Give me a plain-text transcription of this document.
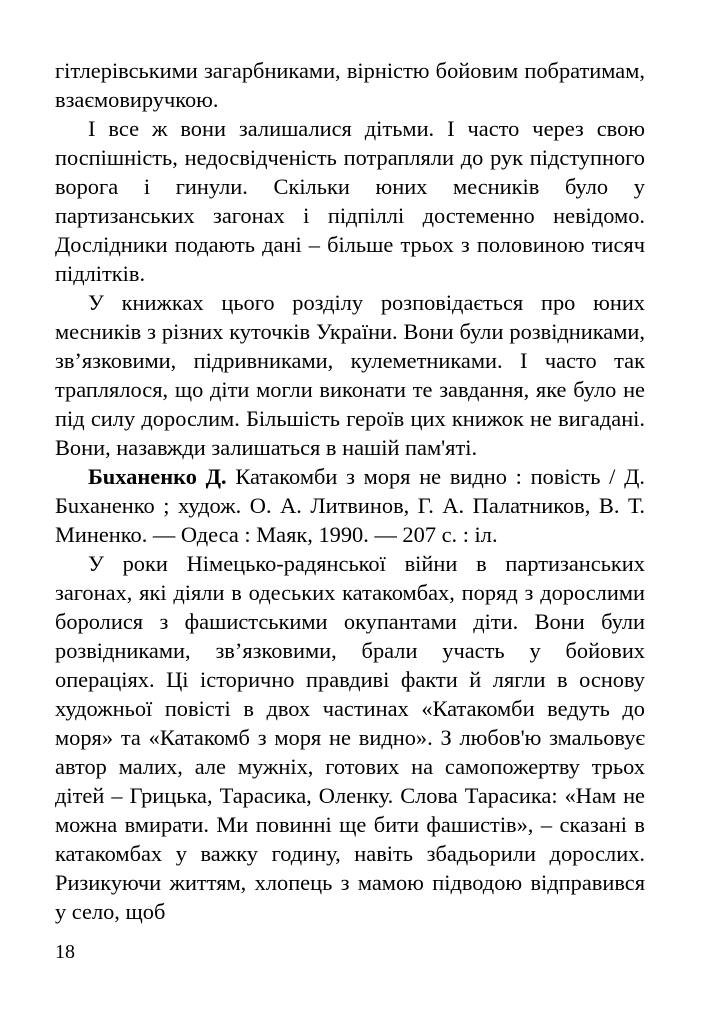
гітлерівськими загарбниками, вірністю бойовим побратимам, взаємовиручкою.

І все ж вони залишалися дітьми. І часто через свою поспішність, недосвідченість потрапляли до рук підступного ворога і гинули. Скільки юних месників було у партизанських загонах і підпіллі достеменно невідомо. Дослідники подають дані – більше трьох з половиною тисяч підлітків.

У книжках цього розділу розповідається про юних месників з різних куточків України. Вони були розвідниками, зв’язковими, підривниками, кулеметниками. І часто так траплялося, що діти могли виконати те завдання, яке було не під силу дорослим. Більшість героїв цих книжок не вигадані. Вони, назавжди залишаться в нашій пам'яті.

Бuханенко Д. Катакомби з моря не видно : повість / Д. Бuханенко ; худож. О. А. Литвинов, Г. А. Палатников, В. Т. Миненко. — Одеса : Маяк, 1990. — 207 с. : іл.

У роки Німецько-радянської війни в партизанських загонах, які діяли в одеських катакомбах, поряд з дорослими боролися з фашистськими окупантами діти. Вони були розвідниками, зв’язковими, брали участь у бойових операціях. Ці історично правдиві факти й лягли в основу художньої повісті в двох частинах «Катакомби ведуть до моря» та «Катакомб з моря не видно». З любов'ю змальовує автор малих, але мужніх, готових на самопожертву трьох дітей – Грицька, Тарасика, Оленку. Слова Тарасика: «Нам не можна вмирати. Ми повинні ще бити фашистів», – сказані в катакомбах у важку годину, навіть збадьорили дорослих. Ризикуючи життям, хлопець з мамою підводою відправився у село, щоб

18
